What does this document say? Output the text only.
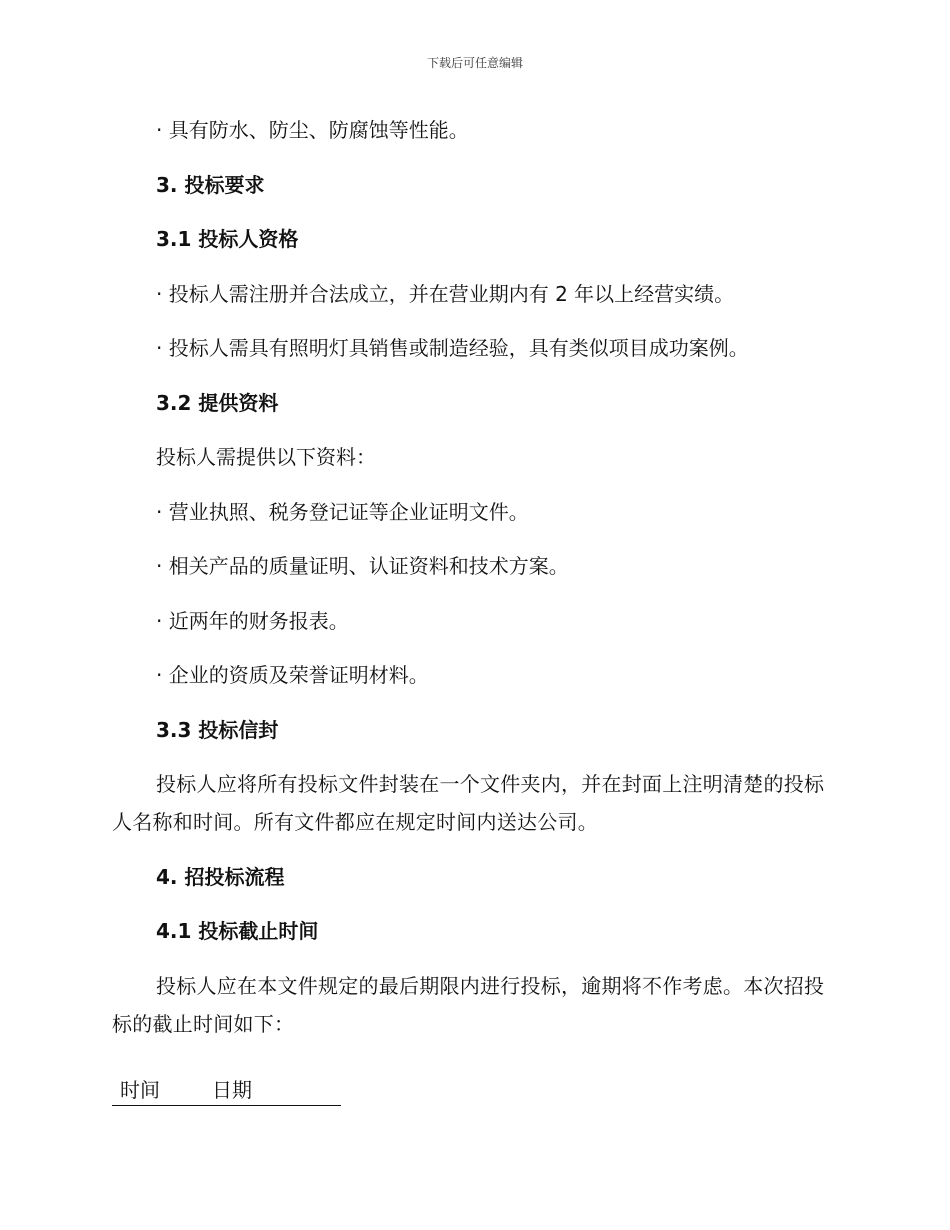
下载后可任意编辑
· 具有防水、防尘、防腐蚀等性能。
3. 投标要求
3.1 投标人资格
· 投标人需注册并合法成立，并在营业期内有 2 年以上经营实绩。
· 投标人需具有照明灯具销售或制造经验，具有类似项目成功案例。
3.2 提供资料
投标人需提供以下资料：
· 营业执照、税务登记证等企业证明文件。
· 相关产品的质量证明、认证资料和技术方案。
· 近两年的财务报表。
· 企业的资质及荣誉证明材料。
3.3 投标信封
投标人应将所有投标文件封装在一个文件夹内，并在封面上注明清楚的投标人名称和时间。所有文件都应在规定时间内送达公司。
4. 招投标流程
4.1 投标截止时间
投标人应在本文件规定的最后期限内进行投标，逾期将不作考虑。本次招投标的截止时间如下：
时间	日期
